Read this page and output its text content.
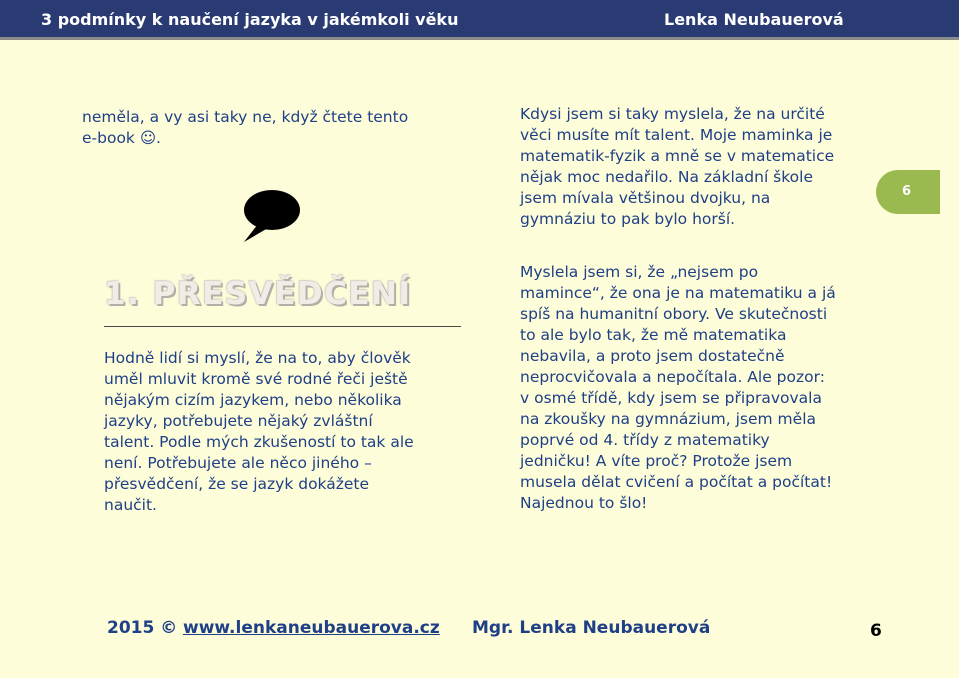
3 podmínky k naučení jazyka v jakémkoli věku	Lenka Neubauerová
neměla, a vy asi taky ne, když čtete tento
e-book ☺.
Kdysi jsem si taky myslela, že na určité
věci musíte mít talent. Moje maminka je
matematik-fyzik a mně se v matematice
nějak moc nedařilo. Na základní škole
jsem mívala většinou dvojku, na
gymnáziu to pak bylo horší.
6
1. PŘESVĚDČENÍ
Hodně lidí si myslí, že na to, aby člověk
uměl mluvit kromě své rodné řeči ještě
nějakým cizím jazykem, nebo několika
jazyky, potřebujete nějaký zvláštní
talent. Podle mých zkušeností to tak ale
není. Potřebujete ale něco jiného –
přesvědčení, že se jazyk dokážete
naučit.
Myslela jsem si, že „nejsem po
mamince“, že ona je na matematiku a já
spíš na humanitní obory. Ve skutečnosti
to ale bylo tak, že mě matematika
nebavila, a proto jsem dostatečně
neprocvičovala a nepočítala. Ale pozor:
v osmé třídě, kdy jsem se připravovala
na zkoušky na gymnázium, jsem měla
poprvé od 4. třídy z matematiky
jedničku! A víte proč? Protože jsem
musela dělat cvičení a počítat a počítat!
Najednou to šlo!
2015 © www.lenkaneubauerova.cz Mgr. Lenka Neubauerová	6
